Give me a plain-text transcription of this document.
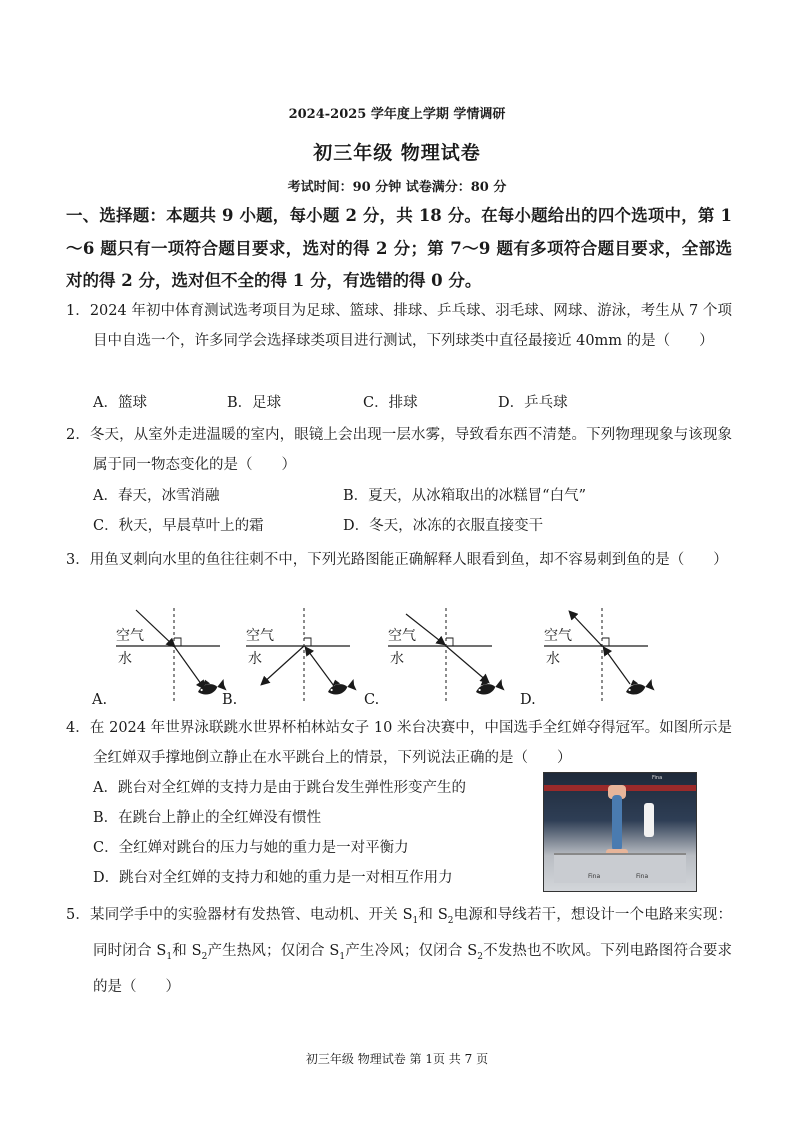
2024-2025 学年度上学期 学情调研
初三年级 物理试卷
考试时间：90 分钟 试卷满分：80 分
一、选择题：本题共 9 小题，每小题 2 分，共 18 分。在每小题给出的四个选项中，第 1～6 题只有一项符合题目要求，选对的得 2 分；第 7～9 题有多项符合题目要求，全部选对的得 2 分，选对但不全的得 1 分，有选错的得 0 分。

1．2024 年初中体育测试选考项目为足球、篮球、排球、乒乓球、羽毛球、网球、游泳，考生从 7 个项目中自选一个，许多同学会选择球类项目进行测试，下列球类中直径最接近 40mm 的是（　　）

A．篮球	B．足球	C．排球	D．乒乓球

2．冬天，从室外走进温暖的室内，眼镜上会出现一层水雾，导致看东西不清楚。下列物理现象与该现象属于同一物态变化的是（　　）

A．春天，冰雪消融	B．夏天，从冰箱取出的冰糕冒“白气”
C．秋天，早晨草叶上的霜	D．冬天，冰冻的衣服直接变干

3．用鱼叉刺向水里的鱼往往刺不中，下列光路图能正确解释人眼看到鱼，却不容易刺到鱼的是（　　）

空气
水
空气
水
空气
水
空气
水
A.	B.	C.	D.

4．在 2024 年世界泳联跳水世界杯柏林站女子 10 米台决赛中，中国选手全红婵夺得冠军。如图所示是全红婵双手撑地倒立静止在水平跳台上的情景，下列说法正确的是（　　）

A．跳台对全红婵的支持力是由于跳台发生弹性形变产生的
B．在跳台上静止的全红婵没有惯性
C．全红婵对跳台的压力与她的重力是一对平衡力
D．跳台对全红婵的支持力和她的重力是一对相互作用力
Fina
Fina	Fina

5．某同学手中的实验器材有发热管、电动机、开关 $S_1$和 $S_2$电源和导线若干，想设计一个电路来实现：同时闭合 $S_1$和 $S_2$产生热风；仅闭合 $S_1$产生冷风；仅闭合 $S_2$不发热也不吹风。下列电路图符合要求的是（　　）

初三年级 物理试卷 第 1页 共 7 页
